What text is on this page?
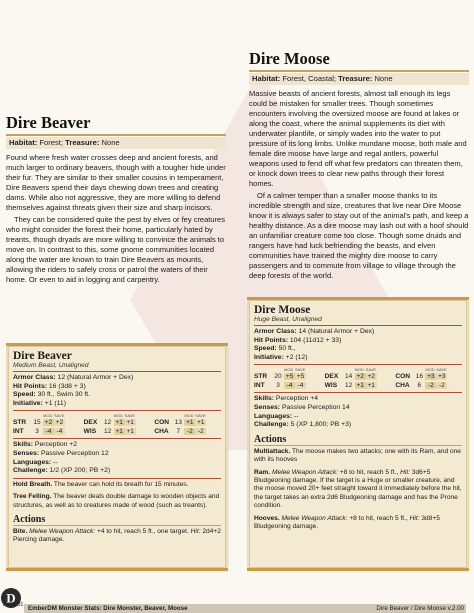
Dire Beaver
Habitat: Forest; Treasure: None

Found where fresh water crosses deep and ancient forests, and much larger to ordinary beavers, though with a tougher hide under their fur. They are similar to their smaller cousins in temperament, Dire Beavers spend their days chewing down trees and creating dams. While also not aggressive, they are more willing to defend themselves against threats given their size and sharp incisors.

They can be considered quite the pest by elves or fey creatures who might consider the forest their home, particularly hated by treants, though dryads are more willing to convince the animals to move on. In contrast to this, some gnome communities located along the water are known to train Dire Beavers as mounts, allowing the riders to safely cross or patrol the waters of their home. Or even to aid in logging and carpentry.

Dire Beaver
Medium Beast, Unaligned
Armor Class: 12 (Natural Armor + Dex)
Hit Points: 16 (3d8 + 3)
Speed: 30 ft., Swim 30 ft.
Initiative: +1 (11)
MOD SAVE
STR	15 +2 +2
INT	3	-4 -4
MOD SAVE
DEX	12 +1 +1
WIS	12 +1 +1
MOD SAVE
CON 13 +1 +1
CHA	7	-2 -2
Skills: Perception +2
Senses: Passive Perception 12
Languages: --
Challenge: 1/2 (XP 200; PB +2)
Hold Breath. The beaver can hold its breath for 15 minutes.
Tree Felling. The beaver deals double damage to wooden objects and structures, as well as to creatures made of wood (such as treants).
Actions
Bite. Melee Weapon Attack: +4 to hit, reach 5 ft., one target. Hit: 2d4+2 Piercing damage.
Dire Moose
Habitat: Forest, Coastal; Treasure: None

Massive beasts of ancient forests, almost tall enough its legs could be mistaken for smaller trees. Though sometimes encounters involving the oversized moose are found at lakes or along the coast, where the animal supplements its diet with underwater plantlife, or simply wades into the water to put pressure of its long limbs. Unlike mundane moose, both male and female dire moose have large and regal antlers, powerful weapons used to fend off what few predators can threaten them, or knock down trees to clear new paths through their forest homes.

Of a calmer temper than a smaller moose thanks to its incredible strength and size, creatures that live near Dire Moose know it is always safer to stay out of the animal's path, and keep a healthy distance. As a dire moose may lash out with a hoof should an unfamiliar creature come too close. Though some druids and rangers have had luck befriending the beasts, and elven communities have trained the mighty dire moose to carry passengers and to commute from village to village through the deep forests of the world.

Dire Moose
Huge Beast, Unaligned
Armor Class: 14 (Natural Armor + Dex)
Hit Points: 104 (11d12 + 33)
Speed: 50 ft.,
Initiative: +2 (12)
MOD SAVE
STR	20 +5 +5
INT	3	-4 -4
MOD SAVE
DEX	14 +2 +2
WIS	12 +1 +1
MOD SAVE
CON 16 +3 +3
CHA	6	-2 -2
Skills: Perception +4
Senses: Passive Perception 14
Languages: --
Challenge: 5 (XP 1,800; PB +3)
Actions
Multiattack. The moose makes two attacks; one with its Ram, and one with its hooves
Ram. Melee Weapon Attack: +8 to hit, reach 5 ft., Hit: 3d6+5 Bludgeoning damage. If the target is a Huge or smaller creature, and the moose moved 20+ feet straight toward it immediately before the hit, the target takes an extra 2d6 Bludgeoning damage and has the Prone condition.
Hooves. Melee Weapon Attack: +8 to hit, reach 5 ft., Hit: 3d8+5 Bludgeoning damage.
D
Page 01 EmberDM Monster Stats: Dire Monster, Beaver, Moose	Dire Beaver / Dire Moose v.2.00
